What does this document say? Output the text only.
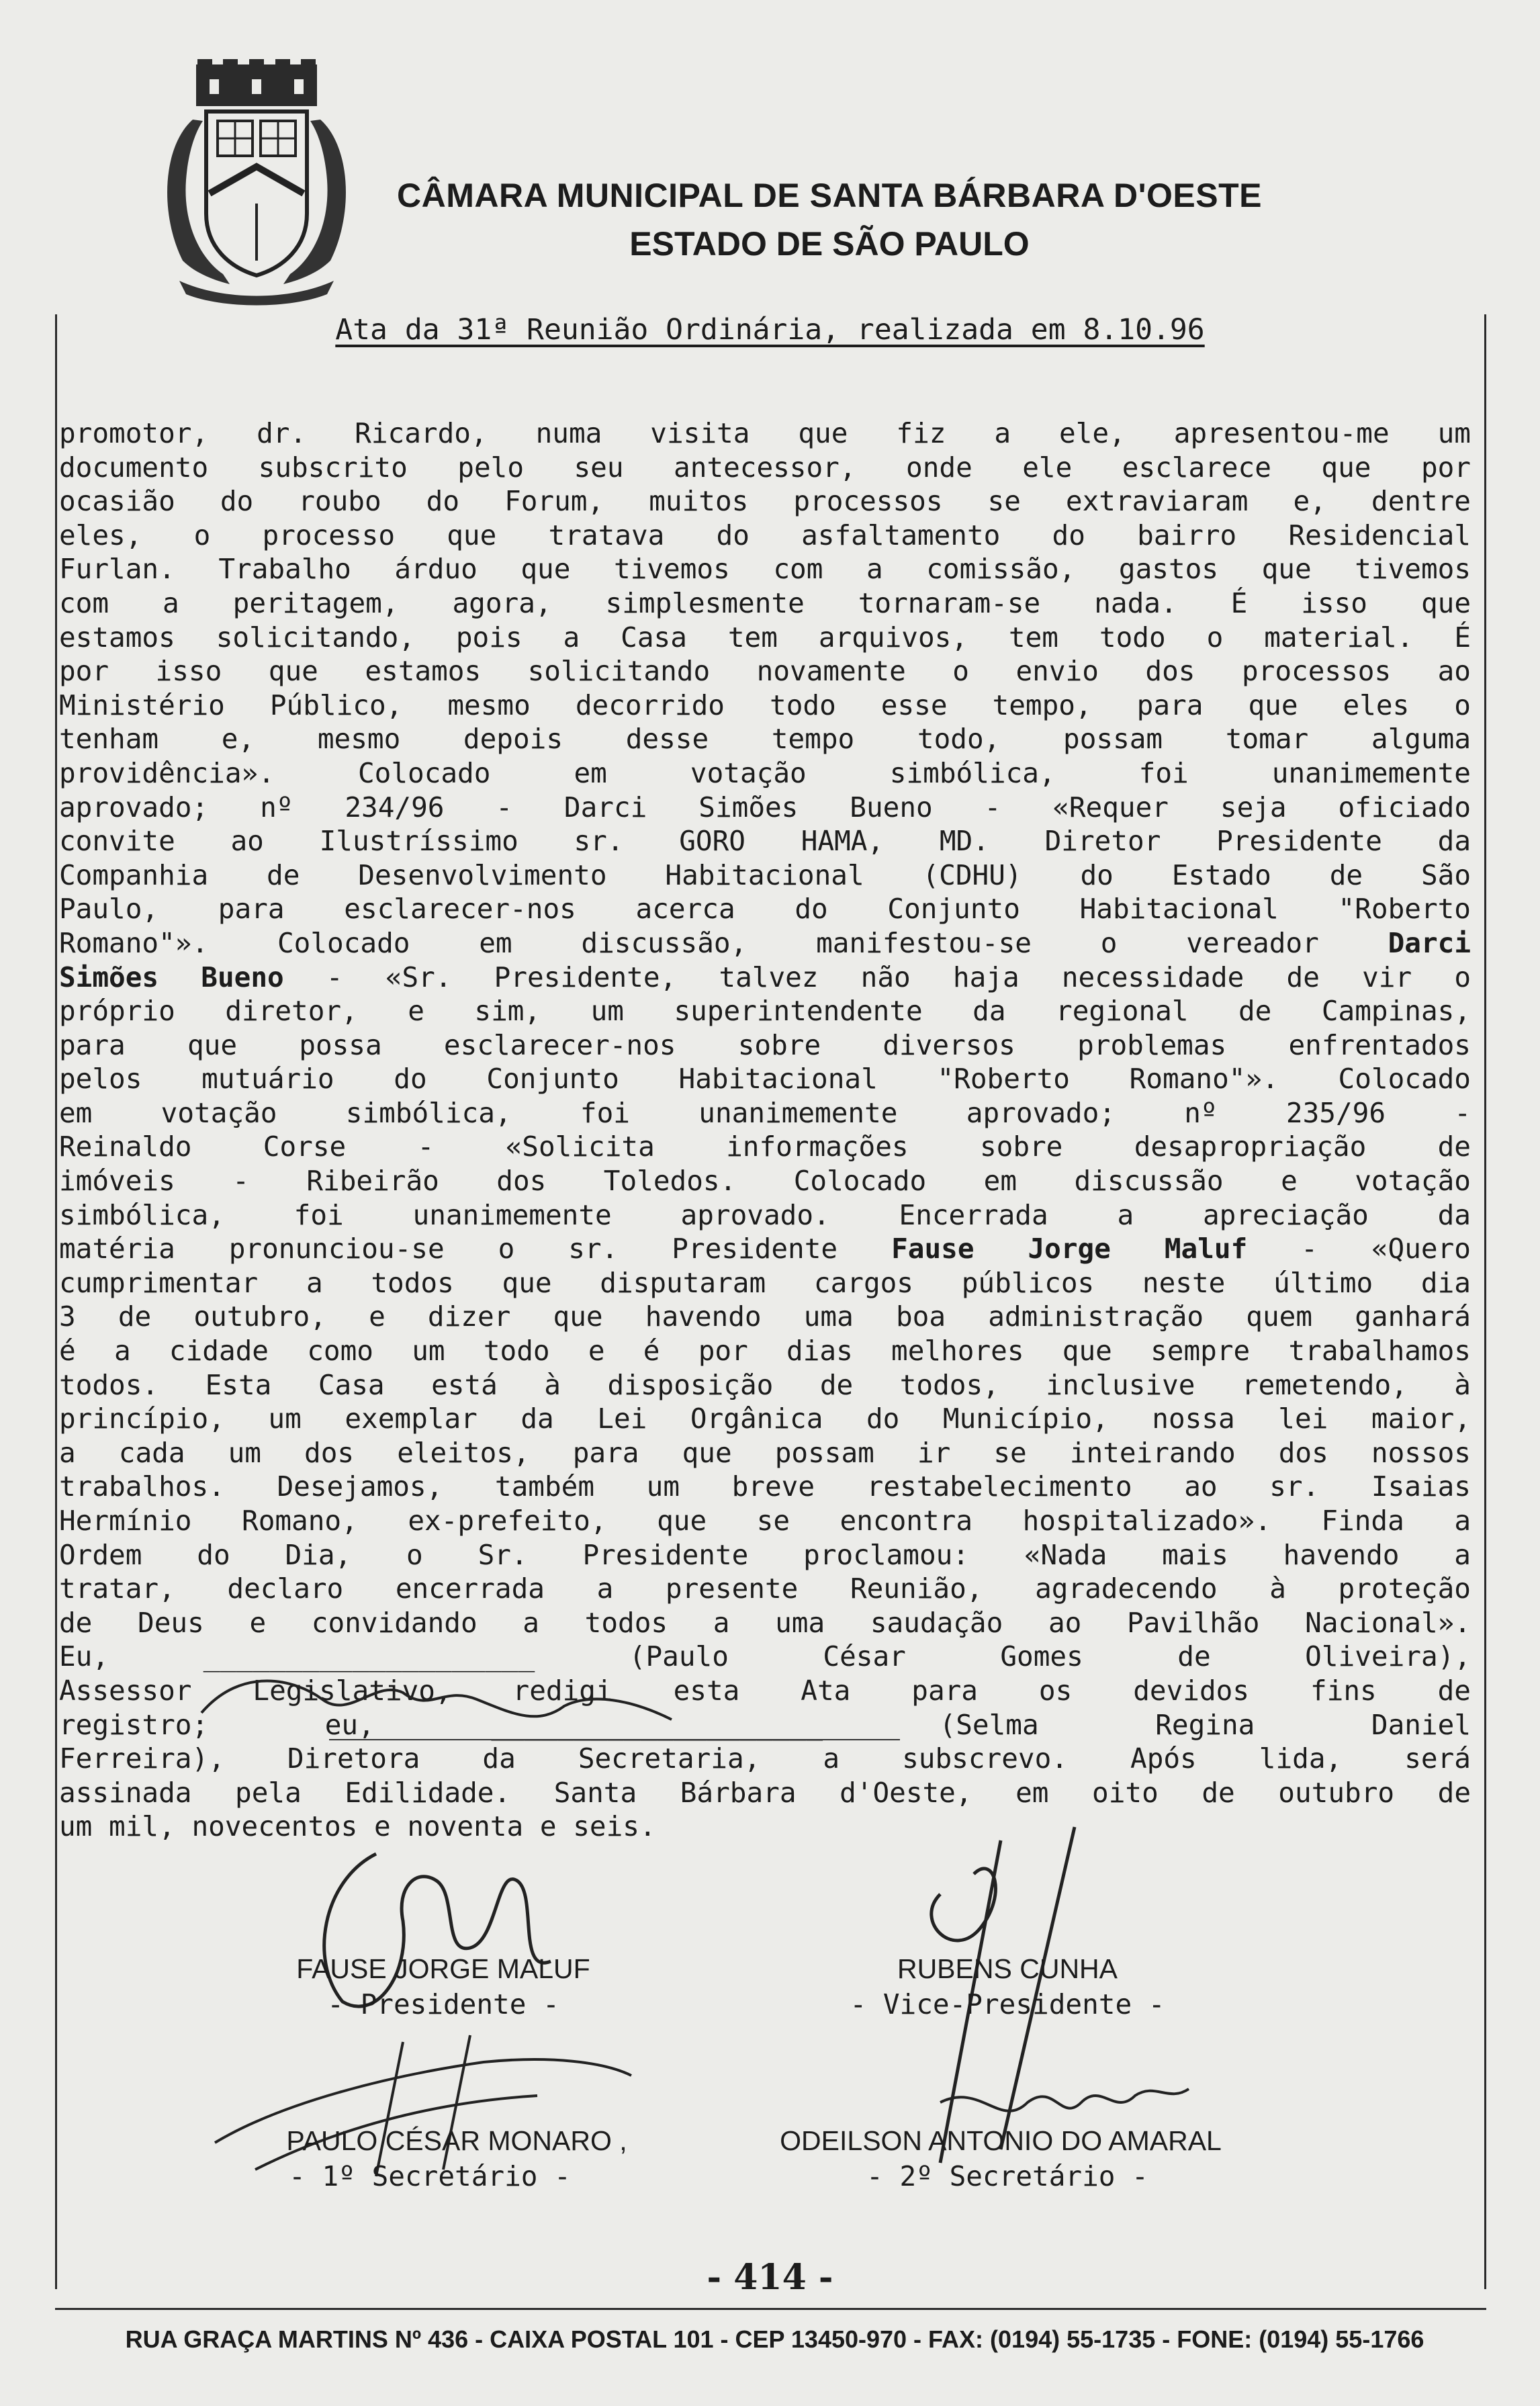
CÂMARA MUNICIPAL DE SANTA BÁRBARA D'OESTE
ESTADO DE SÃO PAULO
Ata da 31ª Reunião Ordinária, realizada em 8.10.96
promotor, dr. Ricardo, numa visita que fiz a ele, apresentou-me um
documento subscrito pelo seu antecessor, onde ele esclarece que por
ocasião do roubo do Forum, muitos processos se extraviaram e, dentre
eles, o processo que tratava do asfaltamento do bairro Residencial
Furlan. Trabalho árduo que tivemos com a comissão, gastos que tivemos
com a peritagem, agora, simplesmente tornaram-se nada. É isso que
estamos solicitando, pois a Casa tem arquivos, tem todo o material. É
por isso que estamos solicitando novamente o envio dos processos ao
Ministério Público, mesmo decorrido todo esse tempo, para que eles o
tenham e, mesmo depois desse tempo todo, possam tomar alguma
providência». Colocado em votação simbólica, foi unanimemente
aprovado; nº 234/96 - Darci Simões Bueno - «Requer seja oficiado
convite ao Ilustríssimo sr. GORO HAMA, MD. Diretor Presidente da
Companhia de Desenvolvimento Habitacional (CDHU) do Estado de São
Paulo, para esclarecer-nos acerca do Conjunto Habitacional "Roberto
Romano"». Colocado em discussão, manifestou-se o vereador Darci
Simões Bueno - «Sr. Presidente, talvez não haja necessidade de vir o
próprio diretor, e sim, um superintendente da regional de Campinas,
para que possa esclarecer-nos sobre diversos problemas enfrentados
pelos mutuário do Conjunto Habitacional "Roberto Romano"». Colocado
em votação simbólica, foi unanimemente aprovado; nº 235/96 -
Reinaldo Corse - «Solicita informações sobre desapropriação de
imóveis - Ribeirão dos Toledos. Colocado em discussão e votação
simbólica, foi unanimemente aprovado. Encerrada a apreciação da
matéria pronunciou-se o sr. Presidente Fause Jorge Maluf - «Quero
cumprimentar a todos que disputaram cargos públicos neste último dia
3 de outubro, e dizer que havendo uma boa administração quem ganhará
é a cidade como um todo e é por dias melhores que sempre trabalhamos
todos. Esta Casa está à disposição de todos, inclusive remetendo, à
princípio, um exemplar da Lei Orgânica do Município, nossa lei maior,
a cada um dos eleitos, para que possam ir se inteirando dos nossos
trabalhos. Desejamos, também um breve restabelecimento ao sr. Isaias
Hermínio Romano, ex-prefeito, que se encontra hospitalizado». Finda a
Ordem do Dia, o Sr. Presidente proclamou: «Nada mais havendo a
tratar, declaro encerrada a presente Reunião, agradecendo à proteção
de Deus e convidando a todos a uma saudação ao Pavilhão Nacional».
Eu, ____________________ (Paulo César Gomes de Oliveira),
Assessor Legislativo, redigi esta Ata para os devidos fins de
registro; eu, ____________________ (Selma Regina Daniel
Ferreira), Diretora da Secretaria, a subscrevo. Após lida, será
assinada pela Edilidade. Santa Bárbara d'Oeste, em oito de outubro de
um mil, novecentos e noventa e seis.
FAUSE JORGE MALUF
- Presidente -
RUBENS CUNHA
- Vice-Presidente -
PAULO CÉSAR MONARO ,
- 1º Secretário -
ODEILSON ANTONIO DO AMARAL
- 2º Secretário -
- 414 -
RUA GRAÇA MARTINS Nº 436 - CAIXA POSTAL 101 - CEP 13450-970 - FAX: (0194) 55-1735 - FONE: (0194) 55-1766
